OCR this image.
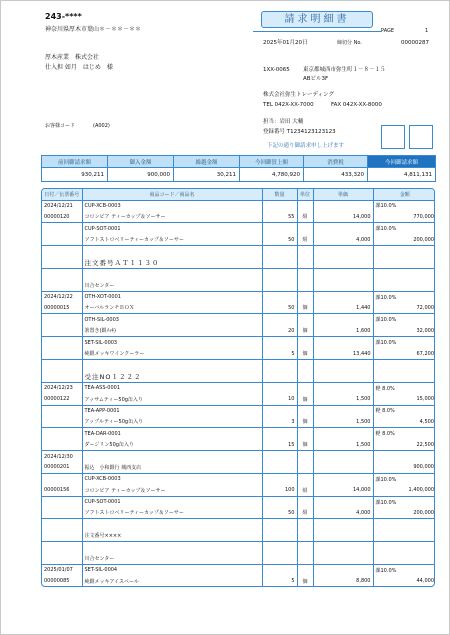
243-****
神奈川県厚木市葉山＊－＊＊－＊＊
厚木産業　株式会社
仕入担 如月　はじめ　様
お客様コード	(A002)
請求明細書
PAGE	1
2025年01月20日	締切分 No.	00000287
1XX-0065 東京都城西市弥生町１－８－１５
ABビル3F
株式会社弥生トレーディング
TEL 042X-XX-7000	FAX 042X-XX-8000
担当：岩田 大輔
登録番号 T1234123123123
下記の通り御請求申し上げます
前回御請求額	御入金額	繰越金額	今回御買上額	消費税	今回御請求額
930,211	900,000	30,211	4,780,920	433,320	4,811,131
日付／伝票番号	商品コード／商品名	数量	単位	単価	金額
2024/12/21	CUP-XCB-0003				課10.0%
00000120	コロンビア ティーカップ＆ソーサー	55	組	14,000	770,000
	CUP-SOT-0001				課10.0%
	ソフトストロベリーティーカップ＆ソーサー	50	組	4,000	200,000

	注文番号ＡＴ１１３０				

	川合センター				
2024/12/22	OTH-XOT-0001				課10.0%
00000015	オーバルランチＢＯＸ	50	個	1,440	72,000
	OTH-SIL-0003				課10.0%
	箸置き(銀ﾒｯｷ)	20	個	1,600	32,000
	SET-SIL-0003				課10.0%
	純銀メッキワインクーラー	5	個	13,440	67,200

	受注NO１２２２				
2024/12/23	TEA-ASS-0001				軽 8.0%
00000122	アッサムティー50g缶入り	10	個	1,500	15,000
	TEA-APP-0001				軽 8.0%
	アップルティー50g缶入り	3	個	1,500	4,500
	TEA-DAR-0001				軽 8.0%
	ダージリン50g缶入り	15	個	1,500	22,500
2024/12/30					
00000201	振込　小和銀行 城西支店				900,000
	CUP-XCB-0003				課10.0%
00000156	コロンビア ティーカップ＆ソーサー	100	組	14,000	1,400,000
	CUP-SOT-0001				課10.0%
	ソフトストロベリーティーカップ＆ソーサー	50	組	4,000	200,000

	注文番号××××				

	川合センター				
2025/01/07	SET-SIL-0004				課10.0%
00000085	純銀メッキアイスペール	5	個	8,800	44,000
